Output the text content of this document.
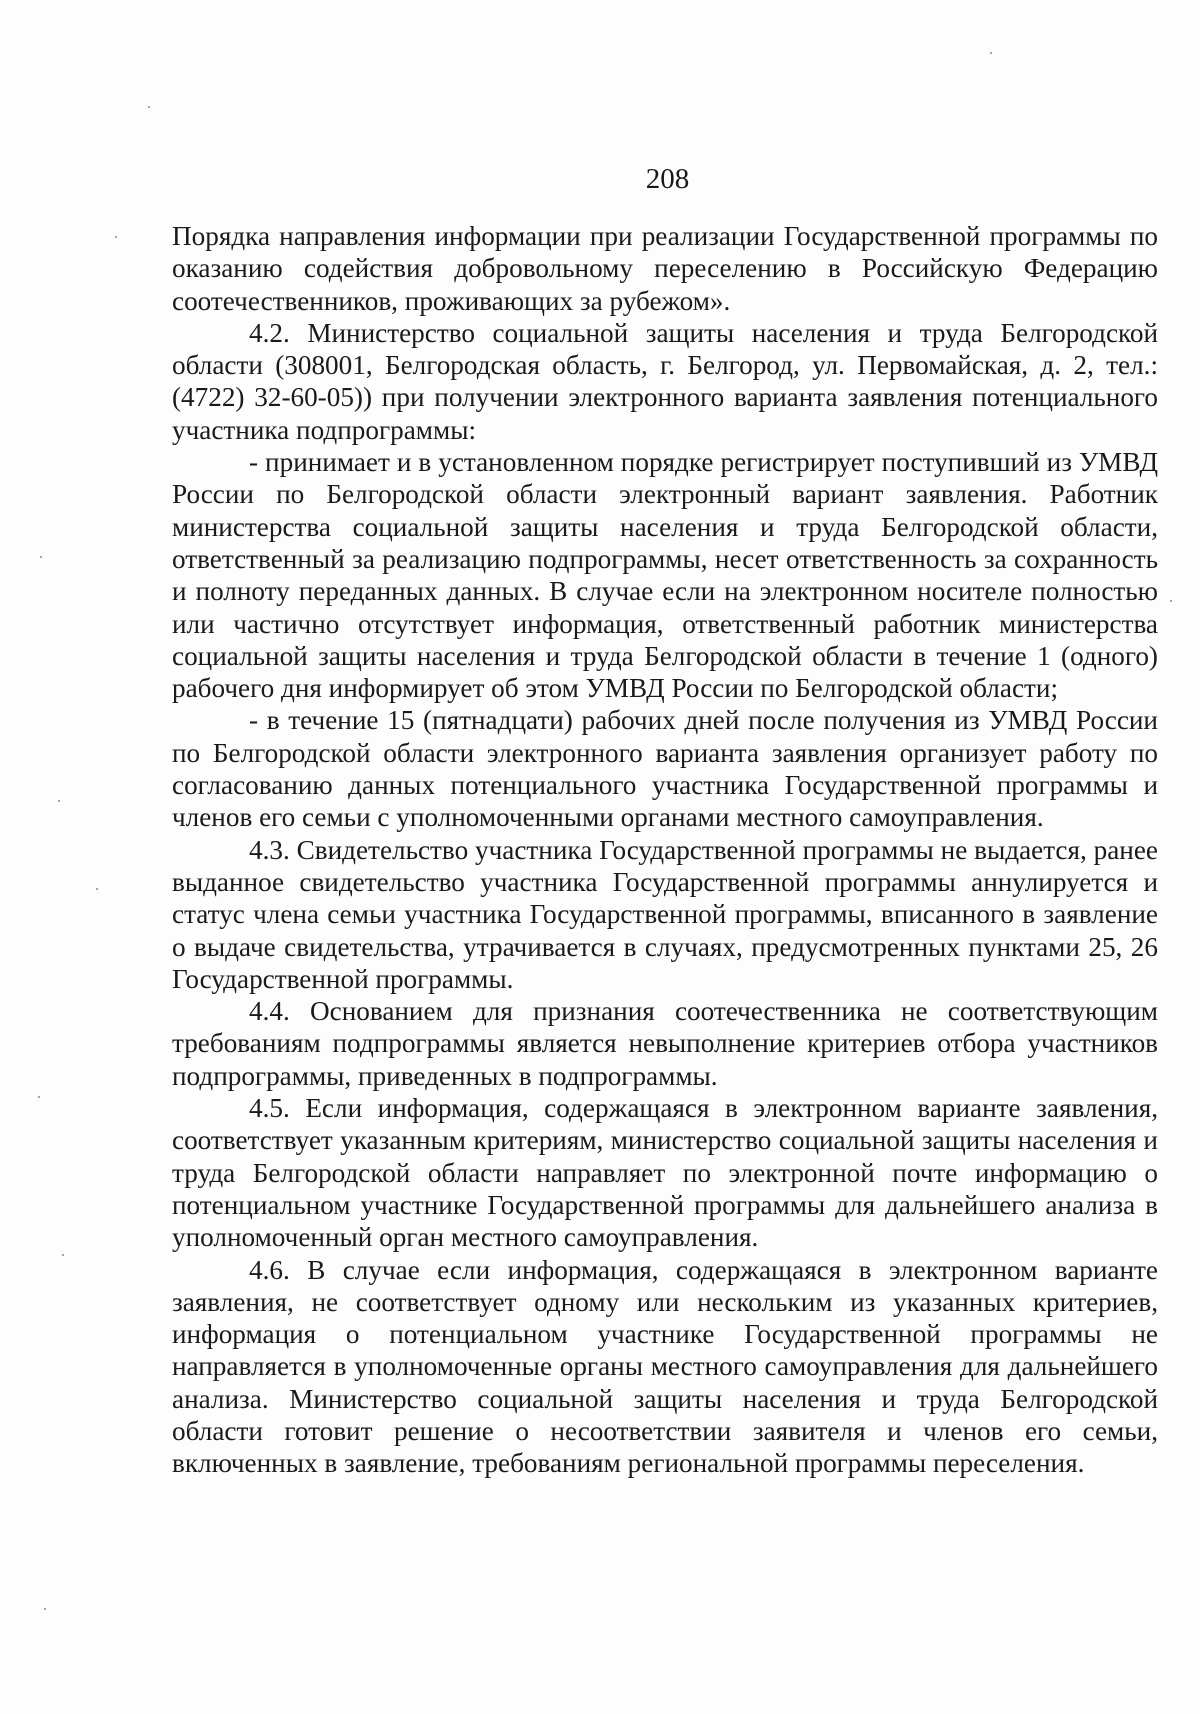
208

Порядка направления информации при реализации Государственной программы по оказанию содействия добровольному переселению в Российскую Федерацию соотечественников, проживающих за рубежом».

4.2. Министерство социальной защиты населения и труда Белгородской области (308001, Белгородская область, г. Белгород, ул. Первомайская, д. 2, тел.: (4722) 32-60-05)) при получении электронного варианта заявления потенциального участника подпрограммы:

- принимает и в установленном порядке регистрирует поступивший из УМВД России по Белгородской области электронный вариант заявления. Работник министерства социальной защиты населения и труда Белгородской области, ответственный за реализацию подпрограммы, несет ответственность за сохранность и полноту переданных данных. В случае если на электронном носителе полностью или частично отсутствует информация, ответственный работник министерства социальной защиты населения и труда Белгородской области в течение 1 (одного) рабочего дня информирует об этом УМВД России по Белгородской области;

- в течение 15 (пятнадцати) рабочих дней после получения из УМВД России по Белгородской области электронного варианта заявления организует работу по согласованию данных потенциального участника Государственной программы и членов его семьи с уполномоченными органами местного самоуправления.

4.3. Свидетельство участника Государственной программы не выдается, ранее выданное свидетельство участника Государственной программы аннулируется и статус члена семьи участника Государственной программы, вписанного в заявление о выдаче свидетельства, утрачивается в случаях, предусмотренных пунктами 25, 26 Государственной программы.

4.4. Основанием для признания соотечественника не соответствующим требованиям подпрограммы является невыполнение критериев отбора участников подпрограммы, приведенных в подпрограммы.

4.5. Если информация, содержащаяся в электронном варианте заявления, соответствует указанным критериям, министерство социальной защиты населения и труда Белгородской области направляет по электронной почте информацию о потенциальном участнике Государственной программы для дальнейшего анализа в уполномоченный орган местного самоуправления.

4.6. В случае если информация, содержащаяся в электронном варианте заявления, не соответствует одному или нескольким из указанных критериев, информация о потенциальном участнике Государственной программы не направляется в уполномоченные органы местного самоуправления для дальнейшего анализа. Министерство социальной защиты населения и труда Белгородской области готовит решение о несоответствии заявителя и членов его семьи, включенных в заявление, требованиям региональной программы переселения.
